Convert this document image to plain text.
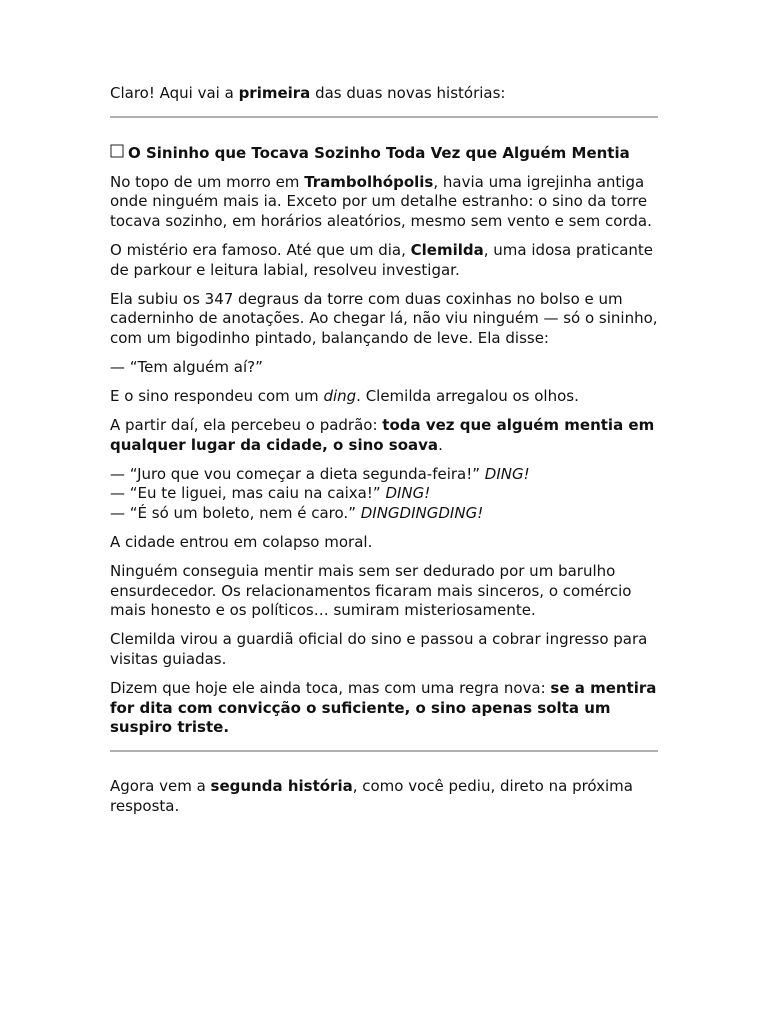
Claro! Aqui vai a primeira das duas novas histórias:

O Sininho que Tocava Sozinho Toda Vez que Alguém Mentia

No topo de um morro em Trambolhópolis, havia uma igrejinha antiga onde ninguém mais ia. Exceto por um detalhe estranho: o sino da torre tocava sozinho, em horários aleatórios, mesmo sem vento e sem corda.

O mistério era famoso. Até que um dia, Clemilda, uma idosa praticante de parkour e leitura labial, resolveu investigar.

Ela subiu os 347 degraus da torre com duas coxinhas no bolso e um caderninho de anotações. Ao chegar lá, não viu ninguém — só o sininho, com um bigodinho pintado, balançando de leve. Ela disse:

— “Tem alguém aí?”

E o sino respondeu com um ding. Clemilda arregalou os olhos.

A partir daí, ela percebeu o padrão: toda vez que alguém mentia em qualquer lugar da cidade, o sino soava.

— “Juro que vou começar a dieta segunda-feira!” DING!
— “Eu te liguei, mas caiu na caixa!” DING!
— “É só um boleto, nem é caro.” DINGDINGDING!

A cidade entrou em colapso moral.

Ninguém conseguia mentir mais sem ser dedurado por um barulho ensurdecedor. Os relacionamentos ficaram mais sinceros, o comércio mais honesto e os políticos… sumiram misteriosamente.

Clemilda virou a guardiã oficial do sino e passou a cobrar ingresso para visitas guiadas.

Dizem que hoje ele ainda toca, mas com uma regra nova: se a mentira for dita com convicção o suficiente, o sino apenas solta um suspiro triste.

Agora vem a segunda história, como você pediu, direto na próxima resposta.
